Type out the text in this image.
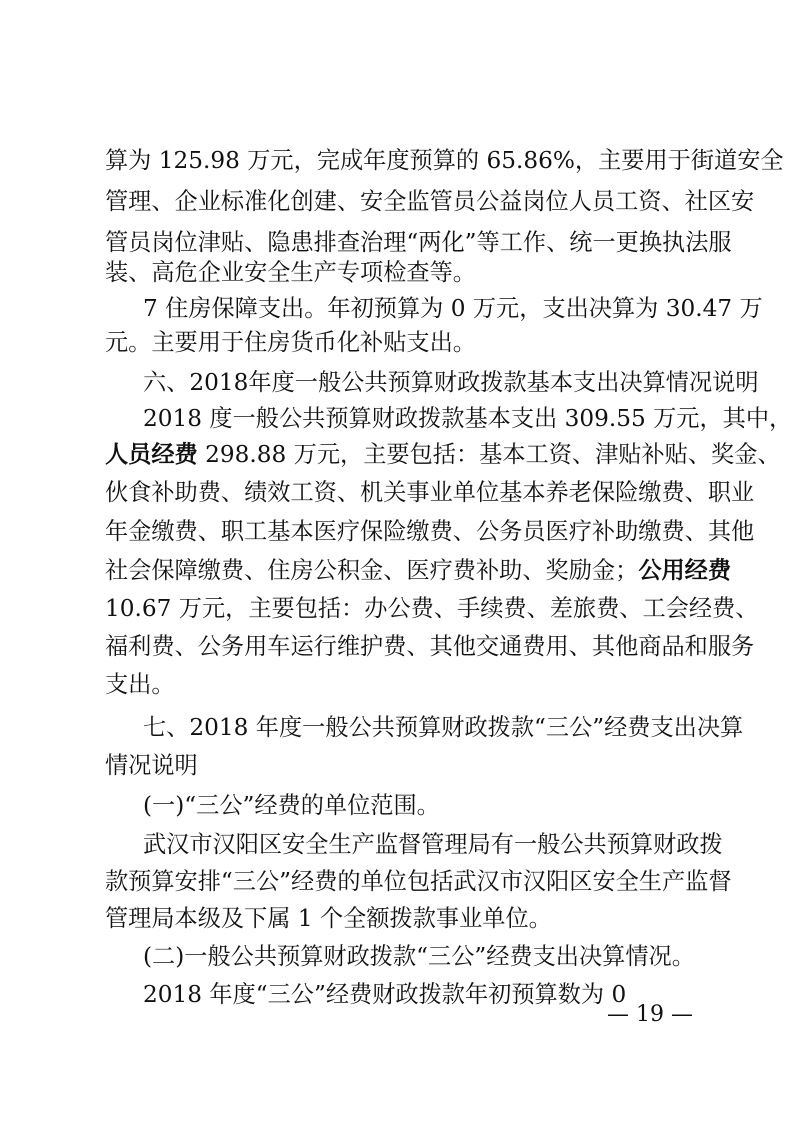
算为 125.98 万元，完成年度预算的 65.86%，主要用于街道安全
管理、企业标准化创建、安全监管员公益岗位人员工资、社区安
管员岗位津贴、隐患排查治理“两化”等工作、统一更换执法服
装、高危企业安全生产专项检查等。
7 住房保障支出。年初预算为 0 万元，支出决算为 30.47 万
元。主要用于住房货币化补贴支出。
六、2018年度一般公共预算财政拨款基本支出决算情况说明
2018 度一般公共预算财政拨款基本支出 309.55 万元，其中，
人员经费 298.88 万元，主要包括：基本工资、津贴补贴、奖金、
伙食补助费、绩效工资、机关事业单位基本养老保险缴费、职业
年金缴费、职工基本医疗保险缴费、公务员医疗补助缴费、其他
社会保障缴费、住房公积金、医疗费补助、奖励金；公用经费
10.67 万元，主要包括：办公费、手续费、差旅费、工会经费、
福利费、公务用车运行维护费、其他交通费用、其他商品和服务
支出。
七、2018 年度一般公共预算财政拨款“三公”经费支出决算
情况说明
(一)“三公”经费的单位范围。
武汉市汉阳区安全生产监督管理局有一般公共预算财政拨
款预算安排“三公”经费的单位包括武汉市汉阳区安全生产监督
管理局本级及下属 1 个全额拨款事业单位。
(二)一般公共预算财政拨款“三公”经费支出决算情况。
2018 年度“三公”经费财政拨款年初预算数为 0
— 19 —
